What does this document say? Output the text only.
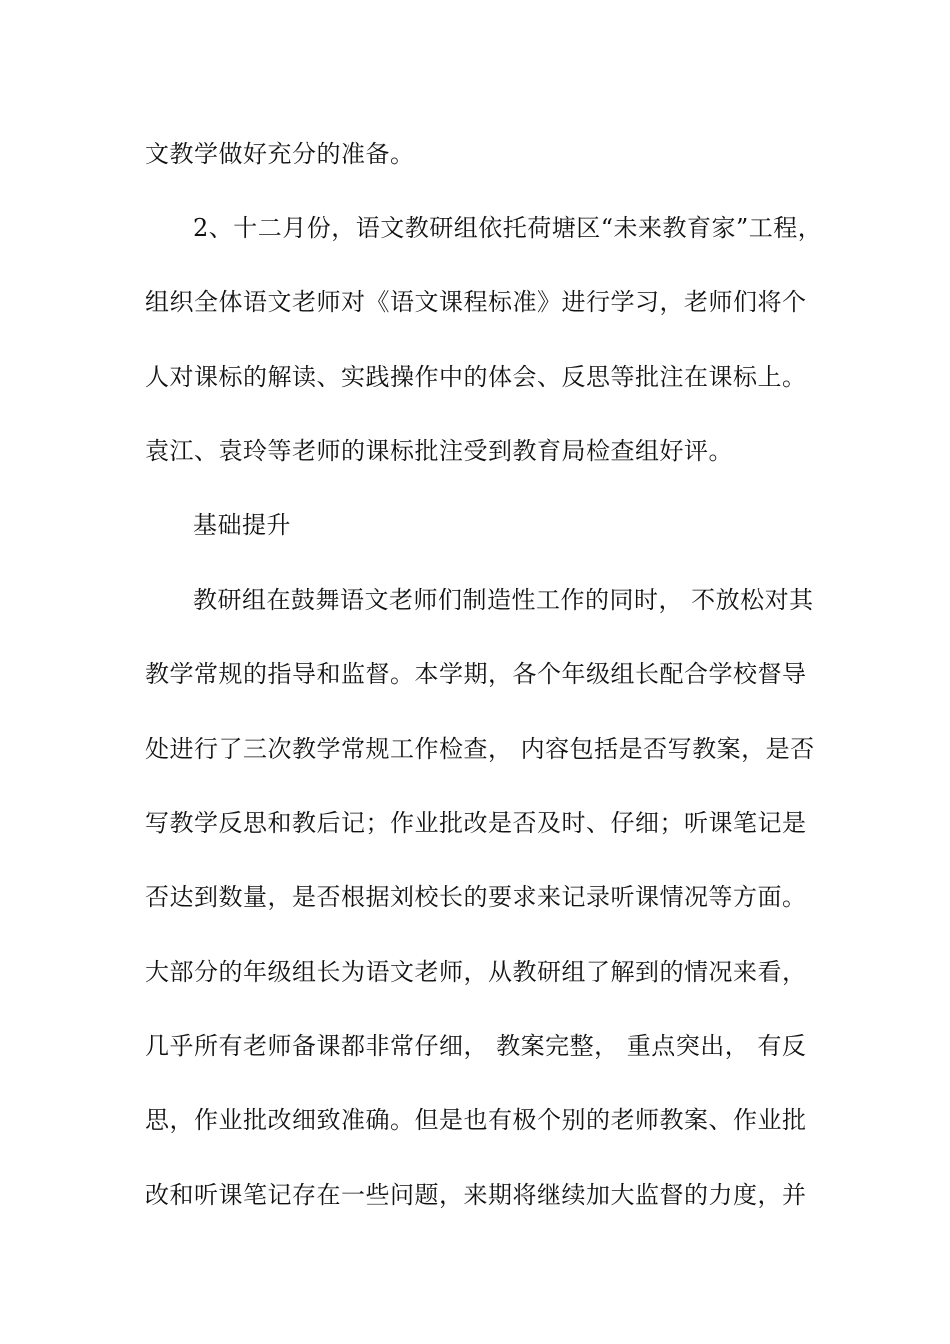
文教学做好充分的准备。
2、十二月份，语文教研组依托荷塘区“未来教育家”工程，
组织全体语文老师对《语文课程标准》进行学习，老师们将个
人对课标的解读、实践操作中的体会、反思等批注在课标上。
袁江、袁玲等老师的课标批注受到教育局检查组好评。
基础提升
教研组在鼓舞语文老师们制造性工作的同时， 不放松对其
教学常规的指导和监督。本学期，各个年级组长配合学校督导
处进行了三次教学常规工作检查， 内容包括是否写教案，是否
写教学反思和教后记；作业批改是否及时、仔细；听课笔记是
否达到数量，是否根据刘校长的要求来记录听课情况等方面。
大部分的年级组长为语文老师，从教研组了解到的情况来看，
几乎所有老师备课都非常仔细， 教案完整， 重点突出， 有反
思，作业批改细致准确。但是也有极个别的老师教案、作业批
改和听课笔记存在一些问题，来期将继续加大监督的力度，并
